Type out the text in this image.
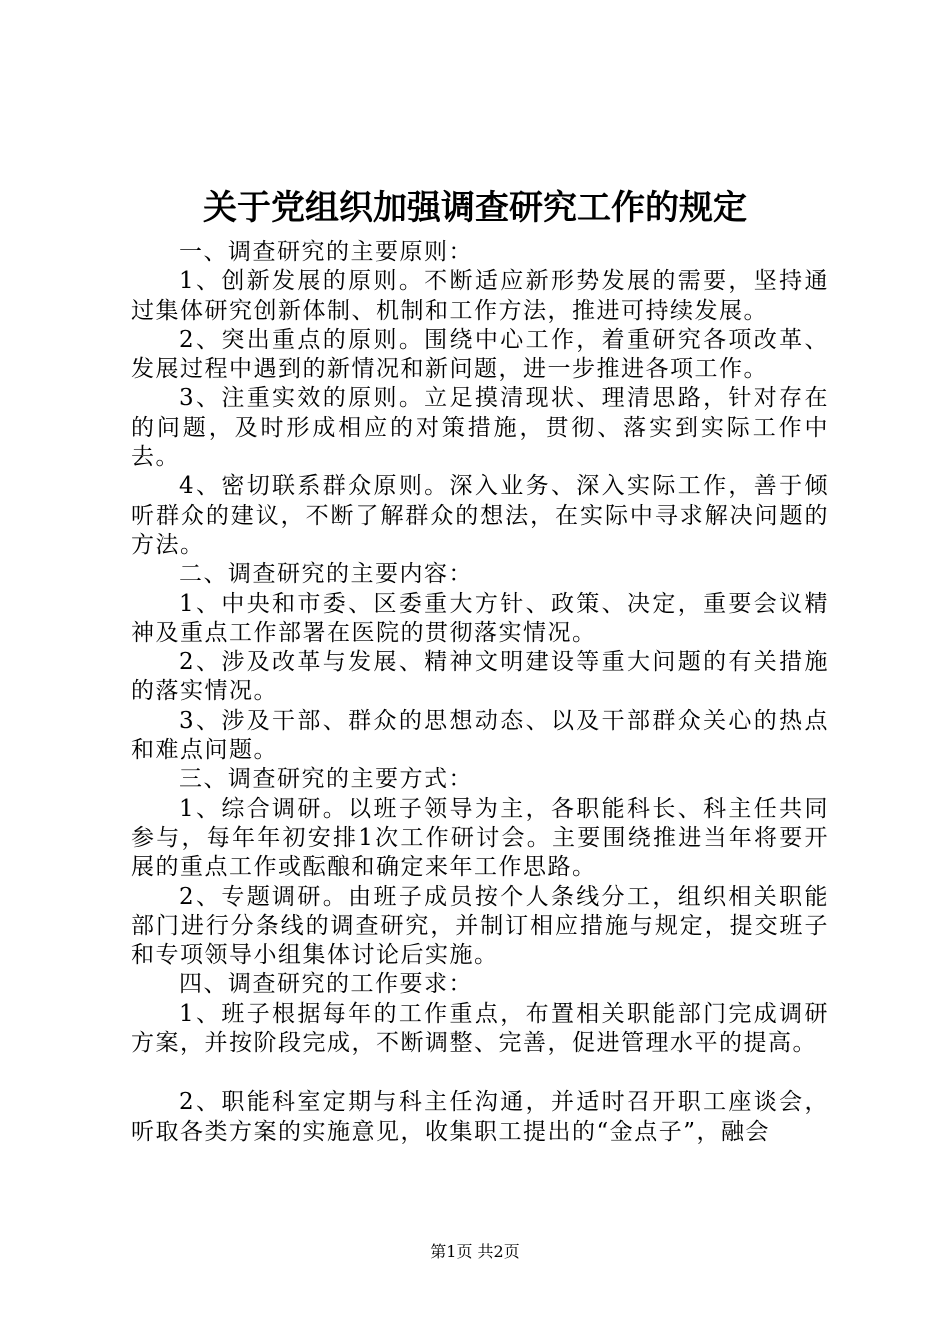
关于党组织加强调查研究工作的规定

一、调查研究的主要原则：

1、创新发展的原则。不断适应新形势发展的需要，坚持通过集体研究创新体制、机制和工作方法，推进可持续发展。

2、突出重点的原则。围绕中心工作，着重研究各项改革、发展过程中遇到的新情况和新问题，进一步推进各项工作。

3、注重实效的原则。立足摸清现状、理清思路，针对存在的问题，及时形成相应的对策措施，贯彻、落实到实际工作中去。

4、密切联系群众原则。深入业务、深入实际工作，善于倾听群众的建议，不断了解群众的想法，在实际中寻求解决问题的方法。

二、调查研究的主要内容：

1、中央和市委、区委重大方针、政策、决定，重要会议精神及重点工作部署在医院的贯彻落实情况。

2、涉及改革与发展、精神文明建设等重大问题的有关措施的落实情况。

3、涉及干部、群众的思想动态、以及干部群众关心的热点和难点问题。

三、调查研究的主要方式：

1、综合调研。以班子领导为主，各职能科长、科主任共同参与，每年年初安排1次工作研讨会。主要围绕推进当年将要开展的重点工作或酝酿和确定来年工作思路。

2、专题调研。由班子成员按个人条线分工，组织相关职能部门进行分条线的调查研究，并制订相应措施与规定，提交班子和专项领导小组集体讨论后实施。

四、调查研究的工作要求：

1、班子根据每年的工作重点，布置相关职能部门完成调研方案，并按阶段完成，不断调整、完善，促进管理水平的提高。

2、职能科室定期与科主任沟通，并适时召开职工座谈会，听取各类方案的实施意见，收集职工提出的“金点子”，融会

第1页 共2页
